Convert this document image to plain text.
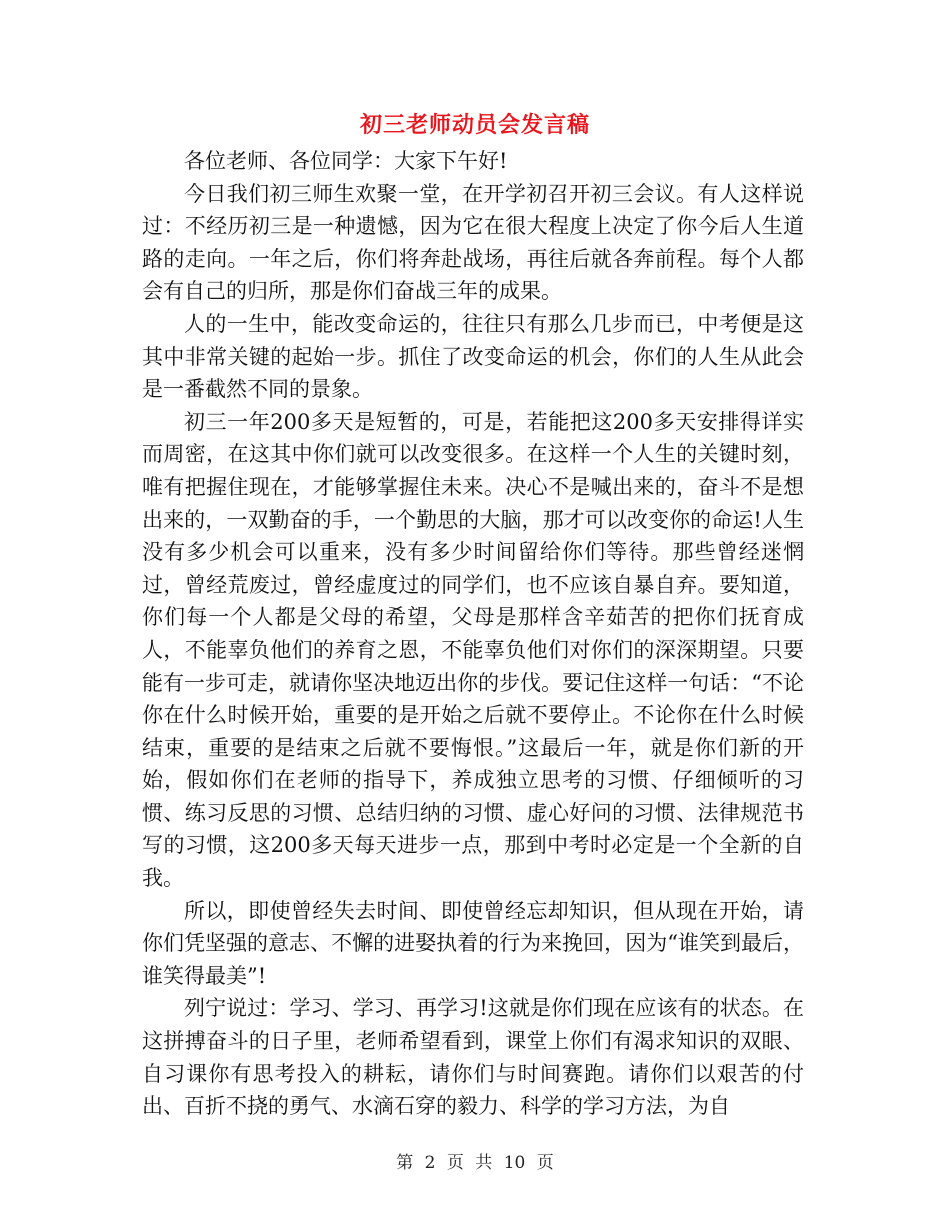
初三老师动员会发言稿

各位老师、各位同学：大家下午好!

今日我们初三师生欢聚一堂，在开学初召开初三会议。有人这样说过：不经历初三是一种遗憾，因为它在很大程度上决定了你今后人生道路的走向。一年之后，你们将奔赴战场，再往后就各奔前程。每个人都会有自己的归所，那是你们奋战三年的成果。

人的一生中，能改变命运的，往往只有那么几步而已，中考便是这其中非常关键的起始一步。抓住了改变命运的机会，你们的人生从此会是一番截然不同的景象。

初三一年200多天是短暂的，可是，若能把这200多天安排得详实而周密，在这其中你们就可以改变很多。在这样一个人生的关键时刻，唯有把握住现在，才能够掌握住未来。决心不是喊出来的，奋斗不是想出来的，一双勤奋的手，一个勤思的大脑，那才可以改变你的命运!人生没有多少机会可以重来，没有多少时间留给你们等待。那些曾经迷惘过，曾经荒废过，曾经虚度过的同学们，也不应该自暴自弃。要知道，你们每一个人都是父母的希望，父母是那样含辛茹苦的把你们抚育成人，不能辜负他们的养育之恩，不能辜负他们对你们的深深期望。只要能有一步可走，就请你坚决地迈出你的步伐。要记住这样一句话：“不论你在什么时候开始，重要的是开始之后就不要停止。不论你在什么时候结束，重要的是结束之后就不要悔恨。”这最后一年，就是你们新的开始，假如你们在老师的指导下，养成独立思考的习惯、仔细倾听的习惯、练习反思的习惯、总结归纳的习惯、虚心好问的习惯、法律规范书写的习惯，这200多天每天进步一点，那到中考时必定是一个全新的自我。

所以，即使曾经失去时间、即使曾经忘却知识，但从现在开始，请你们凭坚强的意志、不懈的进娶执着的行为来挽回，因为“谁笑到最后，谁笑得最美”!

列宁说过：学习、学习、再学习!这就是你们现在应该有的状态。在这拼搏奋斗的日子里，老师希望看到，课堂上你们有渴求知识的双眼、自习课你有思考投入的耕耘，请你们与时间赛跑。请你们以艰苦的付出、百折不挠的勇气、水滴石穿的毅力、科学的学习方法，为自

第 2 页 共 10 页
